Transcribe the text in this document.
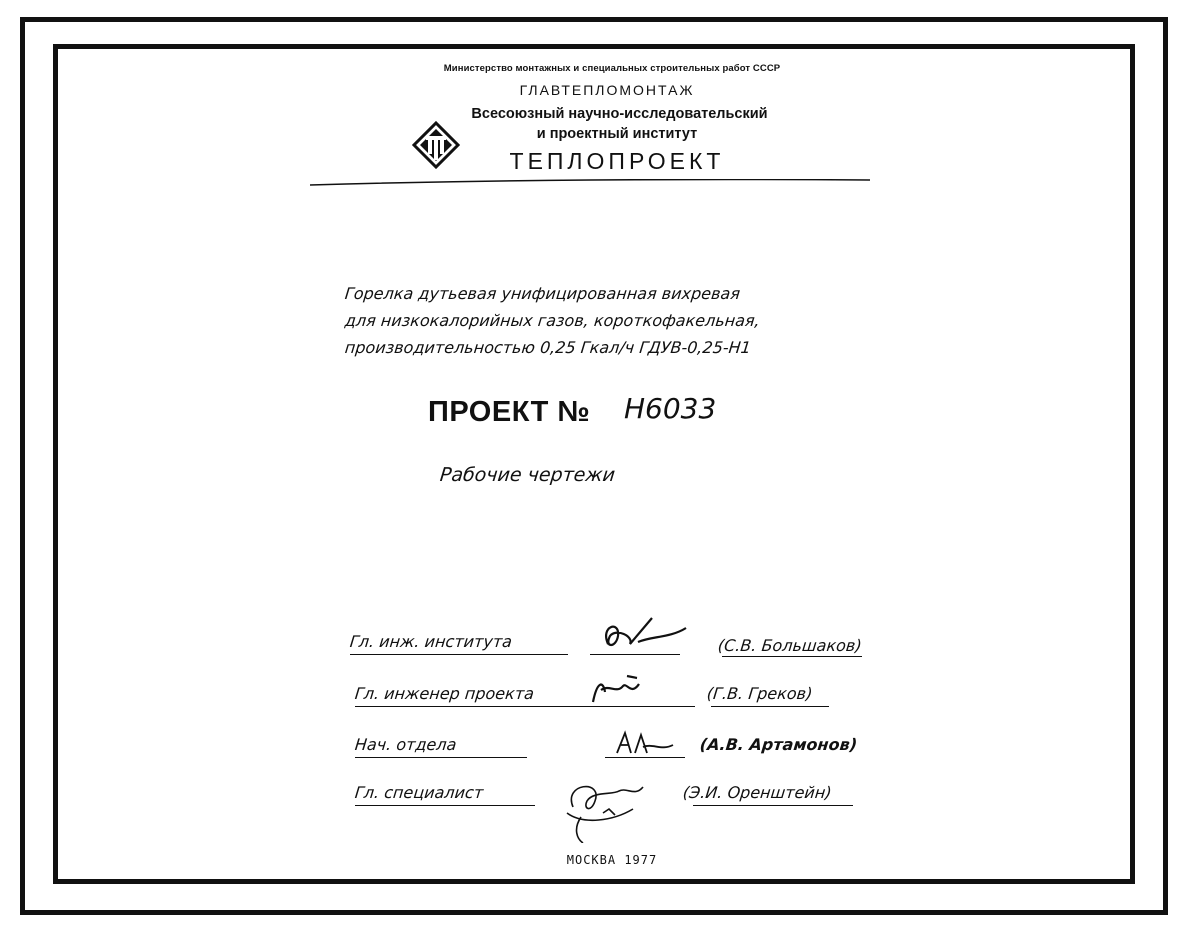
Министерство монтажных и специальных строительных работ СССР
ГЛАВТЕПЛОМОНТАЖ
Всесоюзный научно-исследовательский
и проектный институт
ТЕПЛОПРОЕКТ
Горелка дутьевая унифицированная вихревая
для низкокалорийных газов, короткофакельная,
производительностью 0,25 Гкал/ч ГДУВ-0,25-Н1
ПРОЕКТ № Н6033
Рабочие чертежи
Гл. инж. института	(С.В. Большаков)
Гл. инженер проекта	(Г.В. Греков)
Нач. отдела	(А.В. Артамонов)
Гл. специалист	(Э.И. Оренштейн)
МОСКВА 1977
